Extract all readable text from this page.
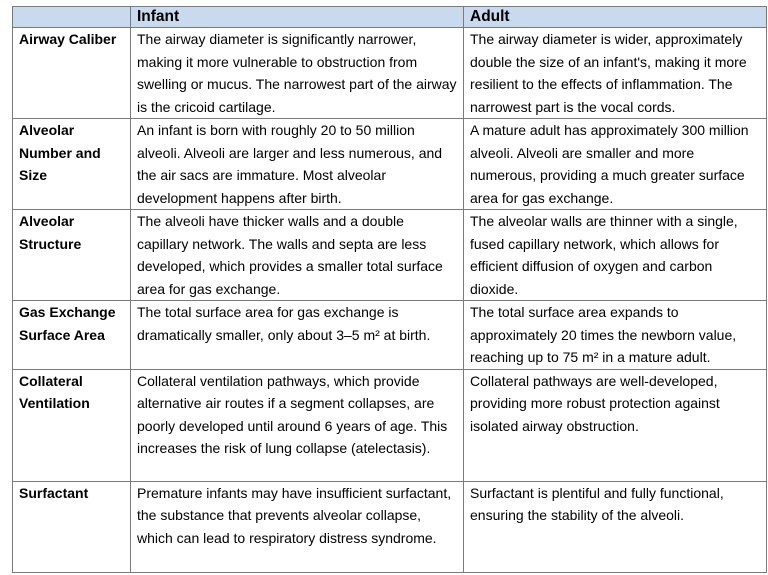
	Infant	Adult
Airway Caliber	The airway diameter is significantly narrower, making it more vulnerable to obstruction from swelling or mucus. The narrowest part of the airway is the cricoid cartilage.	The airway diameter is wider, approximately double the size of an infant's, making it more resilient to the effects of inflammation. The narrowest part is the vocal cords.
Alveolar Number and Size	An infant is born with roughly 20 to 50 million alveoli. Alveoli are larger and less numerous, and the air sacs are immature. Most alveolar development happens after birth.	A mature adult has approximately 300 million alveoli. Alveoli are smaller and more numerous, providing a much greater surface area for gas exchange.
Alveolar Structure	The alveoli have thicker walls and a double capillary network. The walls and septa are less developed, which provides a smaller total surface area for gas exchange.	The alveolar walls are thinner with a single, fused capillary network, which allows for efficient diffusion of oxygen and carbon dioxide.
Gas Exchange Surface Area	The total surface area for gas exchange is dramatically smaller, only about 3–5 m² at birth.	The total surface area expands to approximately 20 times the newborn value, reaching up to 75 m² in a mature adult.
Collateral Ventilation	Collateral ventilation pathways, which provide alternative air routes if a segment collapses, are poorly developed until around 6 years of age. This increases the risk of lung collapse (atelectasis).	Collateral pathways are well-developed, providing more robust protection against isolated airway obstruction.
Surfactant	Premature infants may have insufficient surfactant, the substance that prevents alveolar collapse, which can lead to respiratory distress syndrome.	Surfactant is plentiful and fully functional, ensuring the stability of the alveoli.
